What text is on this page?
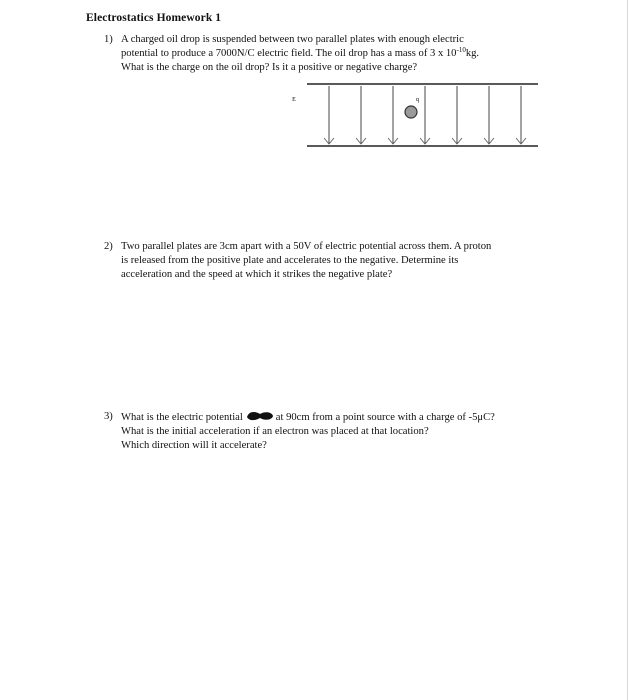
Electrostatics Homework 1
1) A charged oil drop is suspended between two parallel plates with enough electric
potential to produce a 7000N/C electric field. The oil drop has a mass of 3 x $10^{-10}kg$.
What is the charge on the oil drop? Is it a positive or negative charge?
E	q
2) Two parallel plates are 3cm apart with a 50V of electric potential across them. A proton
is released from the positive plate and accelerates to the negative. Determine its
acceleration and the speed at which it strikes the negative plate?
3) What is the electric potential	at 90cm from a point source with a charge of -5μC?
What is the initial acceleration if an electron was placed at that location?
Which direction will it accelerate?
